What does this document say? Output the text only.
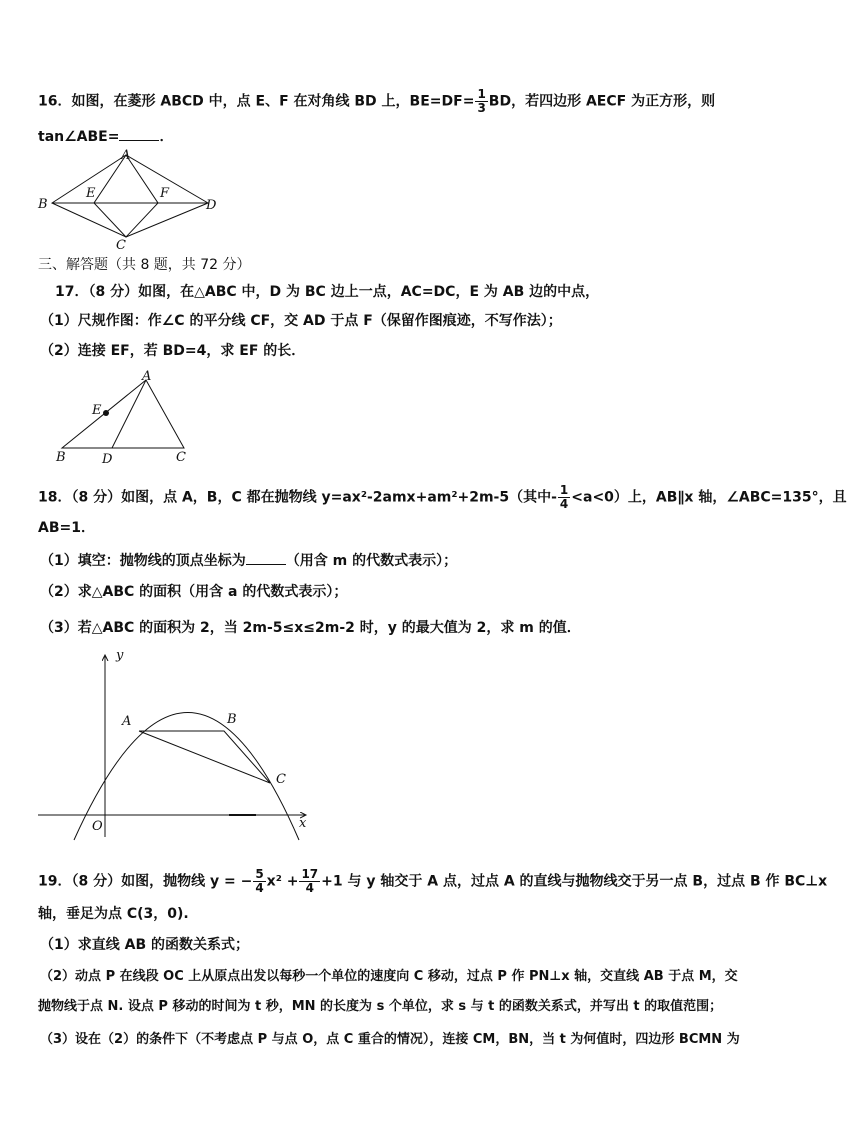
16．如图，在菱形 ABCD 中，点 E、F 在对角线 BD 上，$BE=DF= \frac{1}{3}$ BD，若四边形 AECF 为正方形，则
tan∠ABE=	．
A
B
C
D
E	F
三、解答题（共 8 题，共 72 分）
17．（8 分）如图，在△ABC 中，D 为 BC 边上一点，AC=DC，E 为 AB 边的中点，
（1）尺规作图：作∠C 的平分线 CF，交 AD 于点 F（保留作图痕迹，不写作法）；
（2）连接 EF，若 BD=4，求 EF 的长．
A
B	D	C
E
18．（8 分）如图，点 A，B，C 都在抛物线 y=ax²-2amx+am²+2m-5（其中- $\frac{1}{4} <a<0$）上，AB∥x 轴，∠ABC=135°，且
AB=1．
（1）填空：抛物线的顶点坐标为	（用含 m 的代数式表示）；
（2）求△ABC 的面积（用含 a 的代数式表示）；
（3）若△ABC 的面积为 2，当 2m-5≤x≤2m-2 时，y 的最大值为 2，求 m 的值．
y
x
O
A	B
C
19．（8 分）如图，抛物线 y = − $\frac{5}{4} x^2 + \frac{17}{4} +1$ 与 y 轴交于 A 点，过点 A 的直线与抛物线交于另一点 B，过点 B 作 BC⊥x
轴，垂足为点 C(3，0).
（1）求直线 AB 的函数关系式；
（2）动点 P 在线段 OC 上从原点出发以每秒一个单位的速度向 C 移动，过点 P 作 PN⊥x 轴，交直线 AB 于点 M，交
抛物线于点 N. 设点 P 移动的时间为 t 秒，MN 的长度为 s 个单位，求 s 与 t 的函数关系式，并写出 t 的取值范围；
（3）设在（2）的条件下（不考虑点 P 与点 O，点 C 重合的情况），连接 CM，BN，当 t 为何值时，四边形 BCMN 为
